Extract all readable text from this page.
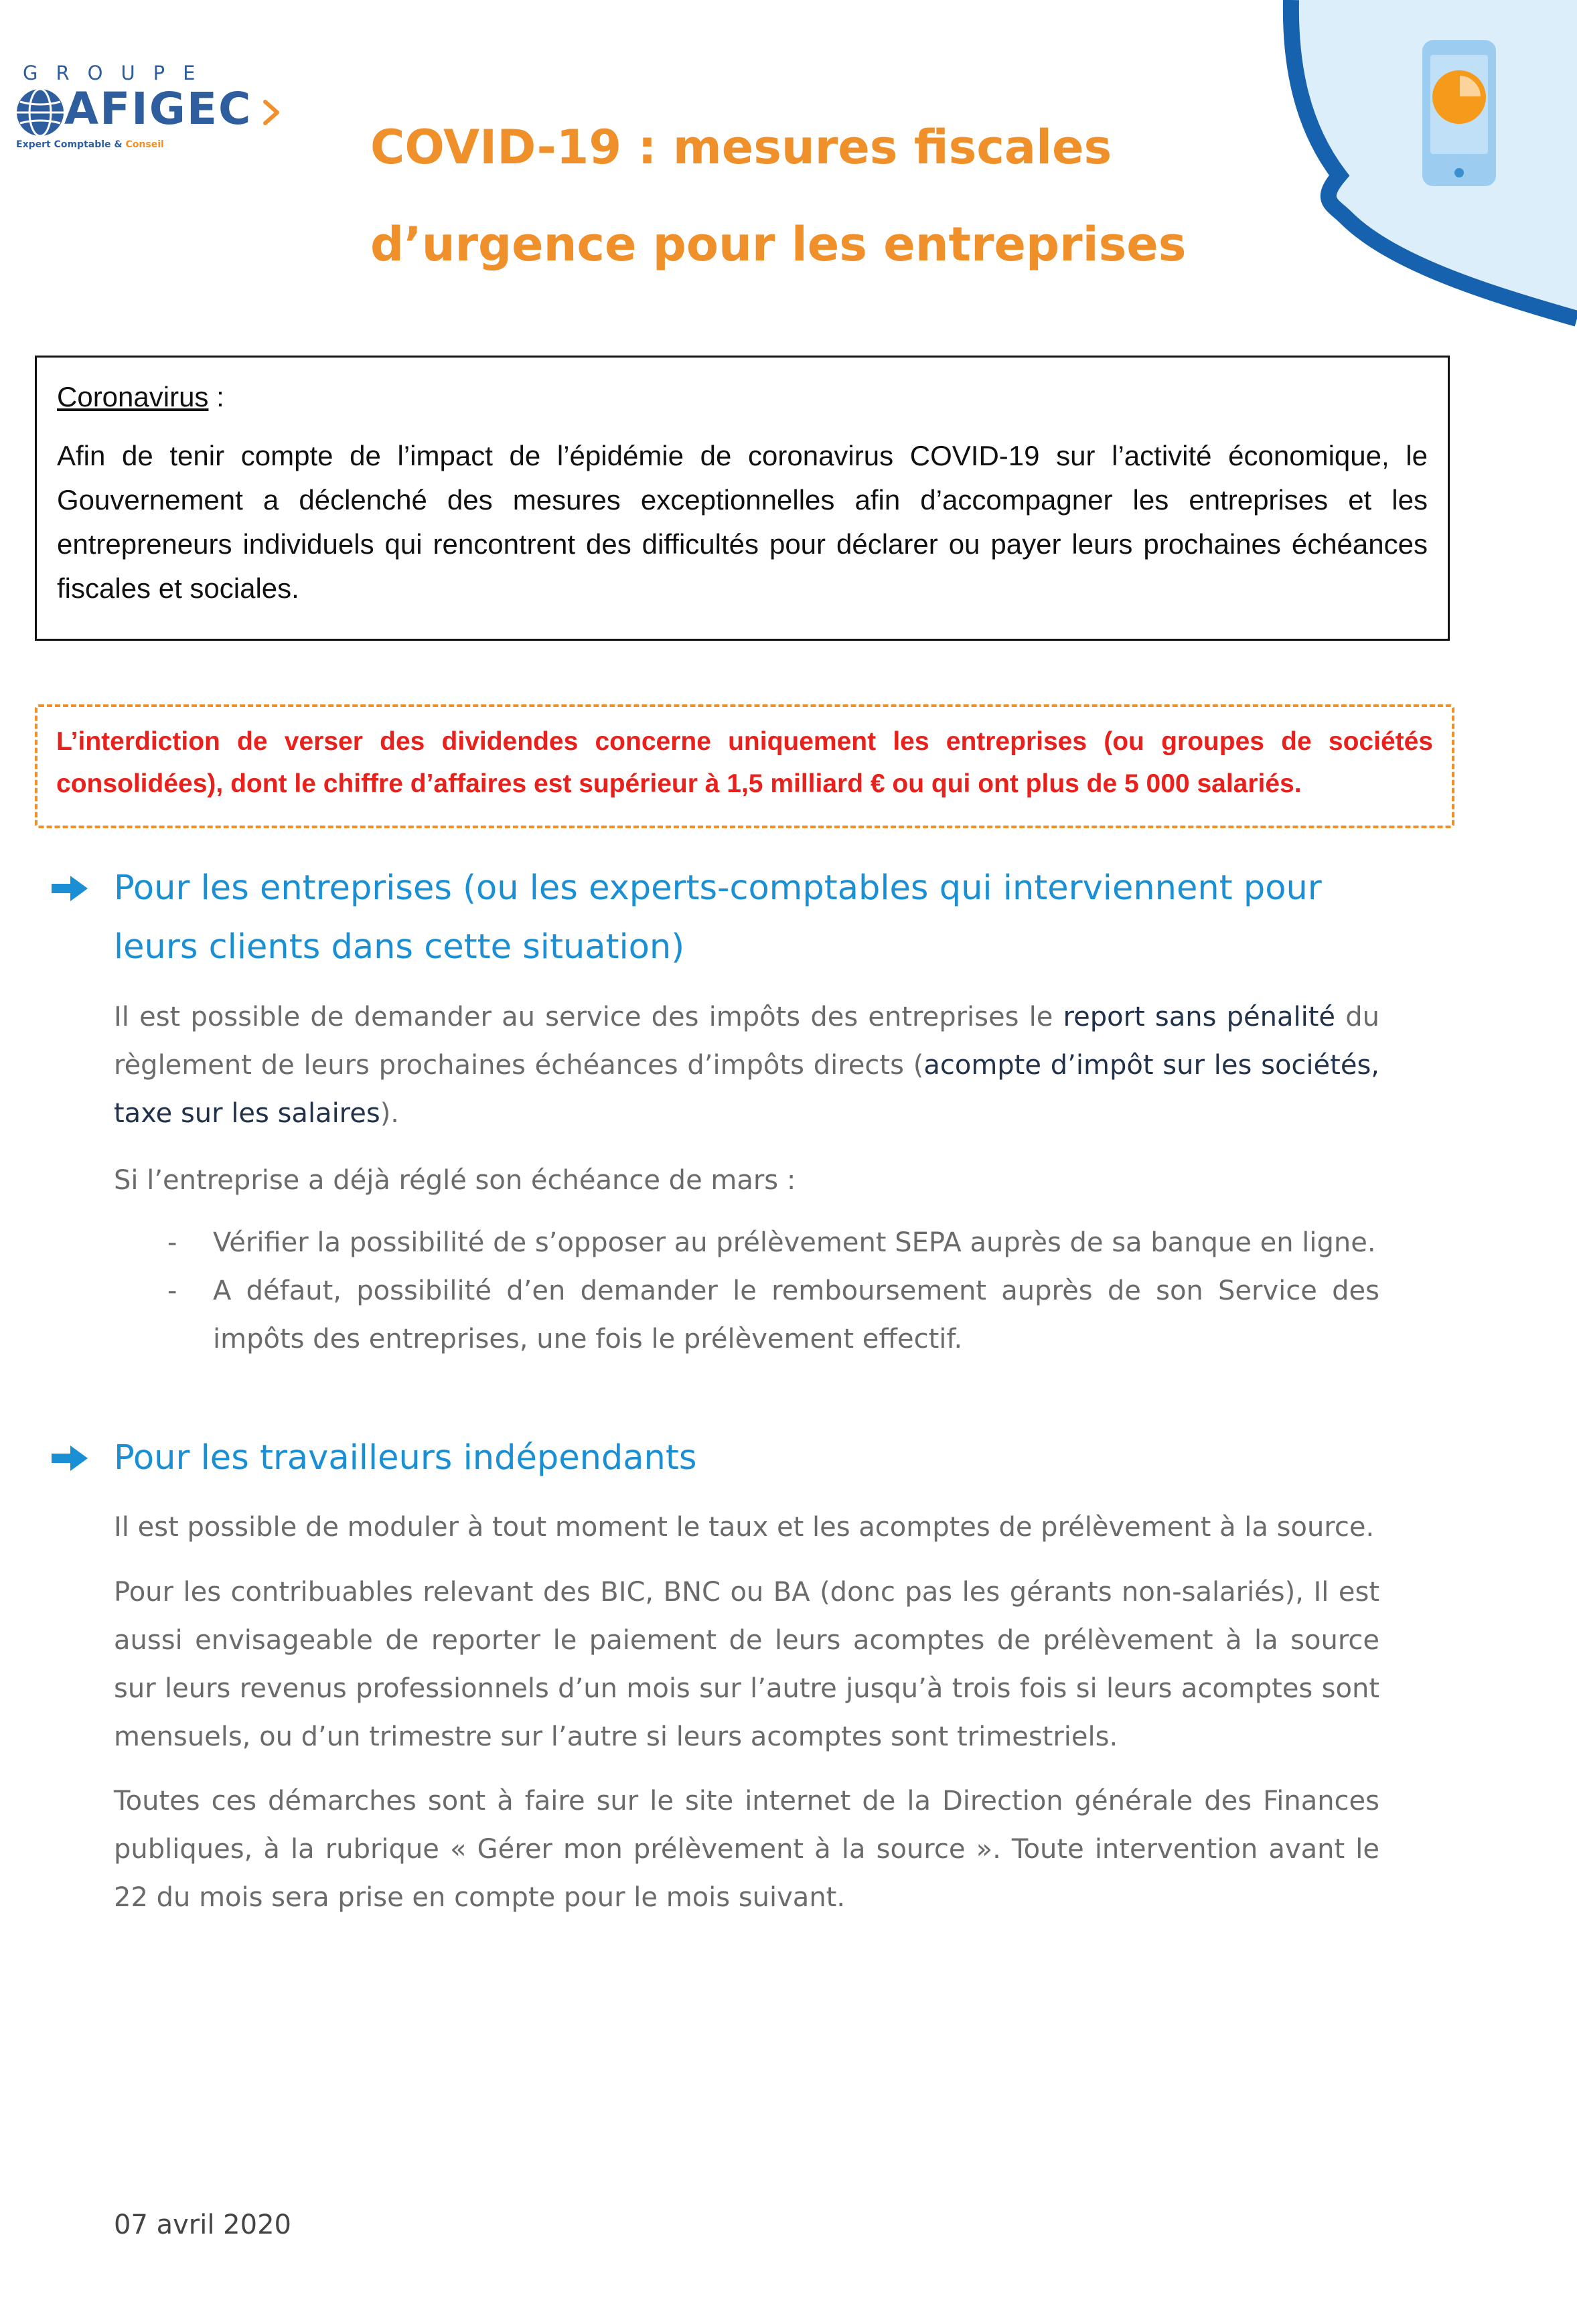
GROUPE
AFIGEC
Expert Comptable & Conseil	COVID-19 : mesures fiscales
d’urgence pour les entreprises

Coronavirus :

Afin de tenir compte de l’impact de l’épidémie de coronavirus COVID-19 sur l’activité économique, le Gouvernement a déclenché des mesures exceptionnelles afin d’accompagner les entreprises et les entrepreneurs individuels qui rencontrent des difficultés pour déclarer ou payer leurs prochaines échéances fiscales et sociales.

L’interdiction de verser des dividendes concerne uniquement les entreprises (ou groupes de sociétés consolidées), dont le chiffre d’affaires est supérieur à 1,5 milliard € ou qui ont plus de 5 000 salariés.

Pour les entreprises (ou les experts-comptables qui interviennent pour leurs clients dans cette situation)

Il est possible de demander au service des impôts des entreprises le report sans pénalité du règlement de leurs prochaines échéances d’impôts directs (acompte d’impôt sur les sociétés, taxe sur les salaires).

Si l’entreprise a déjà réglé son échéance de mars :

- Vérifier la possibilité de s’opposer au prélèvement SEPA auprès de sa banque en ligne.
- A défaut, possibilité d’en demander le remboursement auprès de son Service des impôts des entreprises, une fois le prélèvement effectif.
Pour les travailleurs indépendants

Il est possible de moduler à tout moment le taux et les acomptes de prélèvement à la source.

Pour les contribuables relevant des BIC, BNC ou BA (donc pas les gérants non-salariés), Il est aussi envisageable de reporter le paiement de leurs acomptes de prélèvement à la source sur leurs revenus professionnels d’un mois sur l’autre jusqu’à trois fois si leurs acomptes sont mensuels, ou d’un trimestre sur l’autre si leurs acomptes sont trimestriels.

Toutes ces démarches sont à faire sur le site internet de la Direction générale des Finances publiques, à la rubrique « Gérer mon prélèvement à la source ». Toute intervention avant le 22 du mois sera prise en compte pour le mois suivant.

07 avril 2020
